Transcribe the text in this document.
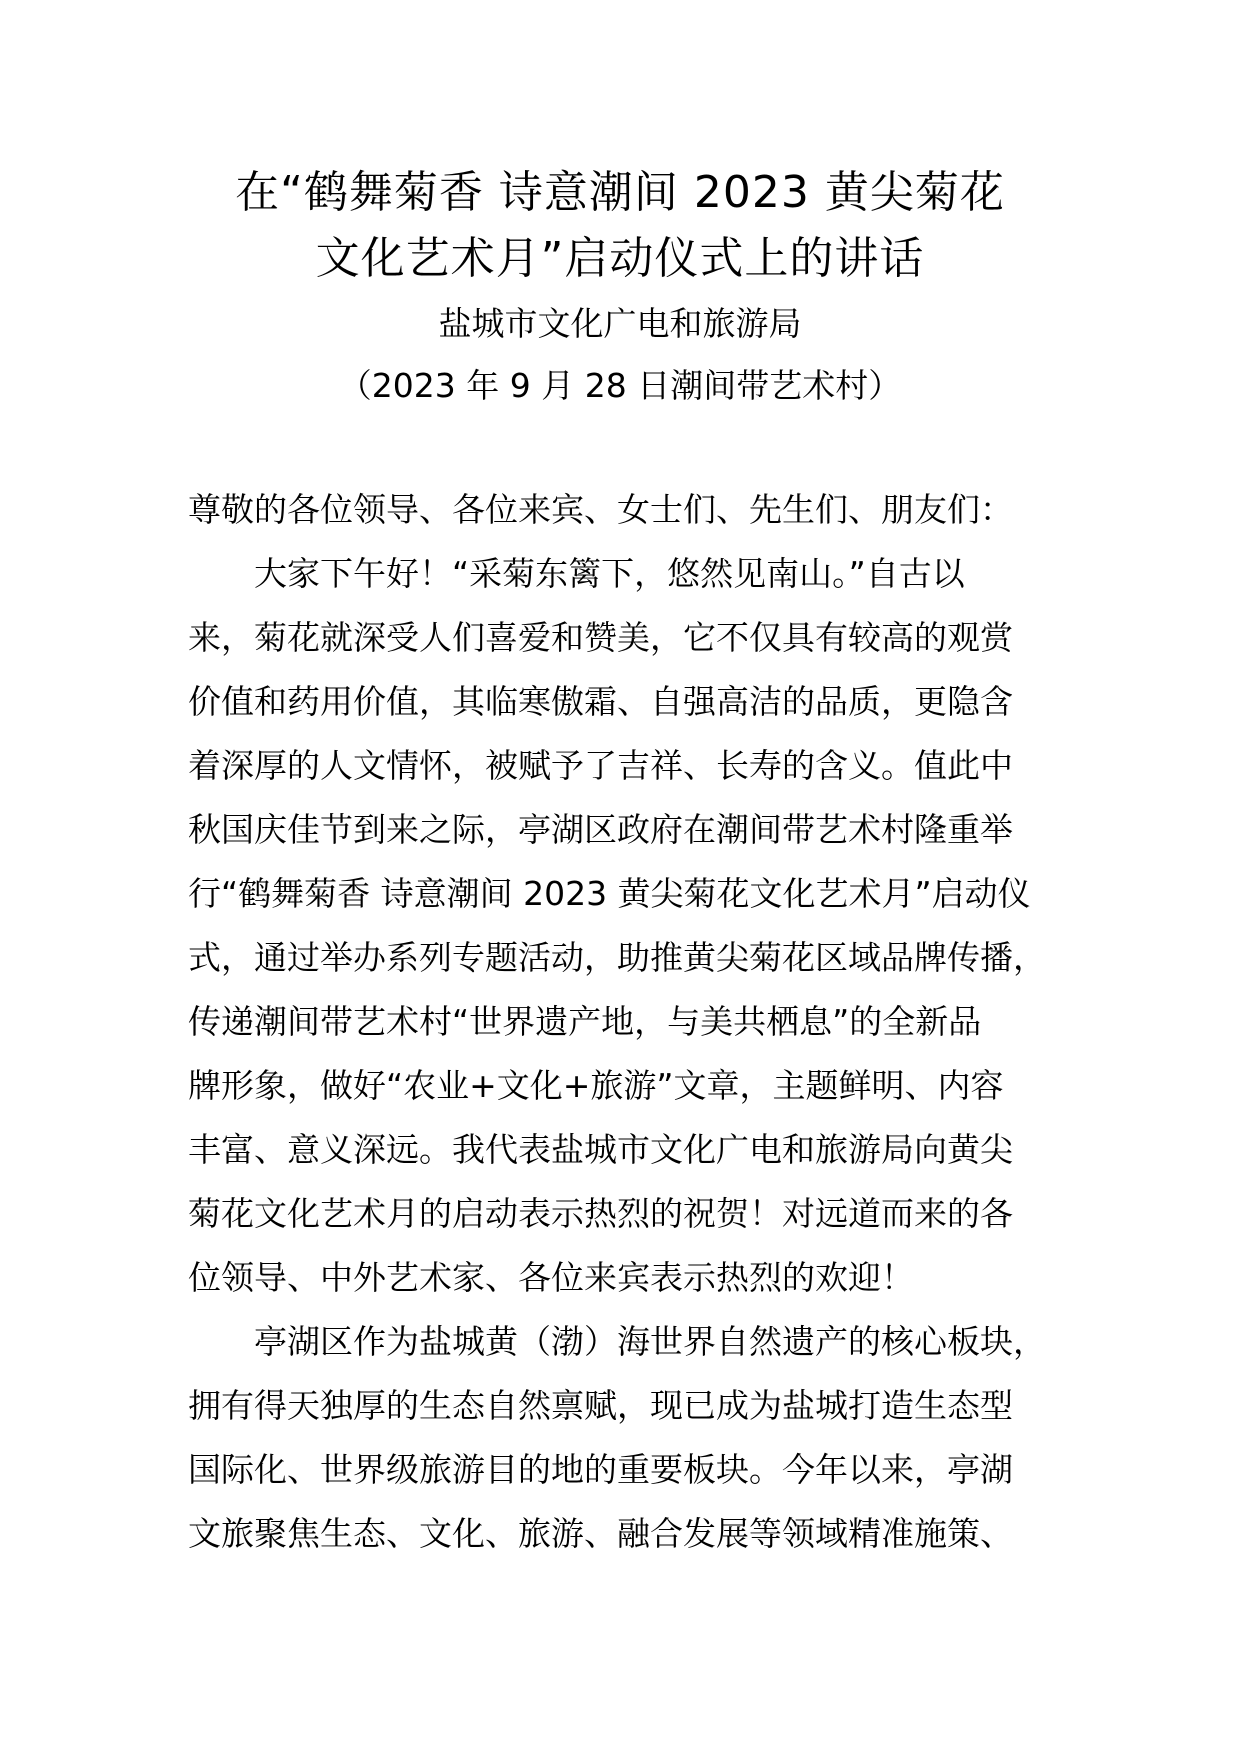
在“鹤舞菊香 诗意潮间 2023 黄尖菊花
文化艺术月”启动仪式上的讲话
盐城市文化广电和旅游局
（2023 年 9 月 28 日潮间带艺术村）
尊敬的各位领导、各位来宾、女士们、先生们、朋友们：
大家下午好！“采菊东篱下，悠然见南山。”自古以
来，菊花就深受人们喜爱和赞美，它不仅具有较高的观赏
价值和药用价值，其临寒傲霜、自强高洁的品质，更隐含
着深厚的人文情怀，被赋予了吉祥、长寿的含义。值此中
秋国庆佳节到来之际，亭湖区政府在潮间带艺术村隆重举
行“鹤舞菊香 诗意潮间 2023 黄尖菊花文化艺术月”启动仪
式，通过举办系列专题活动，助推黄尖菊花区域品牌传播，
传递潮间带艺术村“世界遗产地，与美共栖息”的全新品
牌形象，做好“农业+文化+旅游”文章，主题鲜明、内容
丰富、意义深远。我代表盐城市文化广电和旅游局向黄尖
菊花文化艺术月的启动表示热烈的祝贺！对远道而来的各
位领导、中外艺术家、各位来宾表示热烈的欢迎！
亭湖区作为盐城黄（渤）海世界自然遗产的核心板块，
拥有得天独厚的生态自然禀赋，现已成为盐城打造生态型
国际化、世界级旅游目的地的重要板块。今年以来，亭湖
文旅聚焦生态、文化、旅游、融合发展等领域精准施策、
